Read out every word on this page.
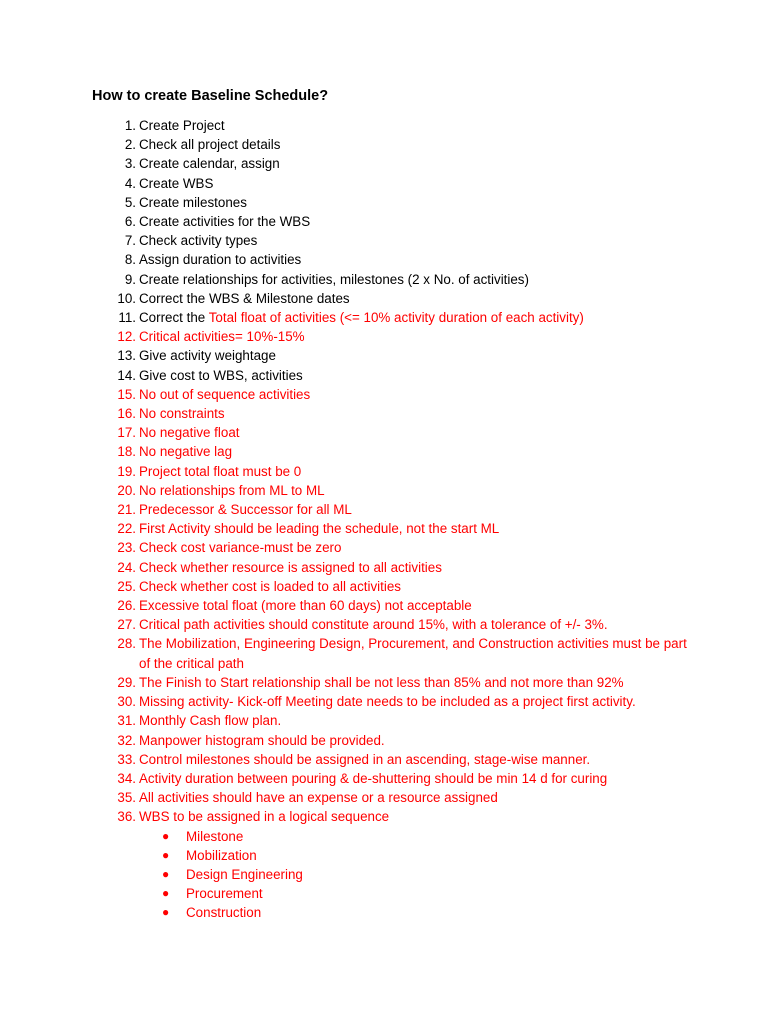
How to create Baseline Schedule?
1. Create Project
2. Check all project details
3. Create calendar, assign
4. Create WBS
5. Create milestones
6. Create activities for the WBS
7. Check activity types
8. Assign duration to activities
9. Create relationships for activities, milestones (2 x No. of activities)
10. Correct the WBS & Milestone dates
11. Correct the Total float of activities (<= 10% activity duration of each activity)
12. Critical activities= 10%-15%
13. Give activity weightage
14. Give cost to WBS, activities
15. No out of sequence activities
16. No constraints
17. No negative float
18. No negative lag
19. Project total float must be 0
20. No relationships from ML to ML
21. Predecessor & Successor for all ML
22. First Activity should be leading the schedule, not the start ML
23. Check cost variance-must be zero
24. Check whether resource is assigned to all activities
25. Check whether cost is loaded to all activities
26. Excessive total float (more than 60 days) not acceptable
27. Critical path activities should constitute around 15%, with a tolerance of +/- 3%.
28. The Mobilization, Engineering Design, Procurement, and Construction activities must be part of the critical path
29. The Finish to Start relationship shall be not less than 85% and not more than 92%
30. Missing activity- Kick-off Meeting date needs to be included as a project first activity.
31. Monthly Cash flow plan.
32. Manpower histogram should be provided.
33. Control milestones should be assigned in an ascending, stage-wise manner.
34. Activity duration between pouring & de-shuttering should be min 14 d for curing
35. All activities should have an expense or a resource assigned
36. WBS to be assigned in a logical sequence
● Milestone
● Mobilization
● Design Engineering
● Procurement
● Construction
